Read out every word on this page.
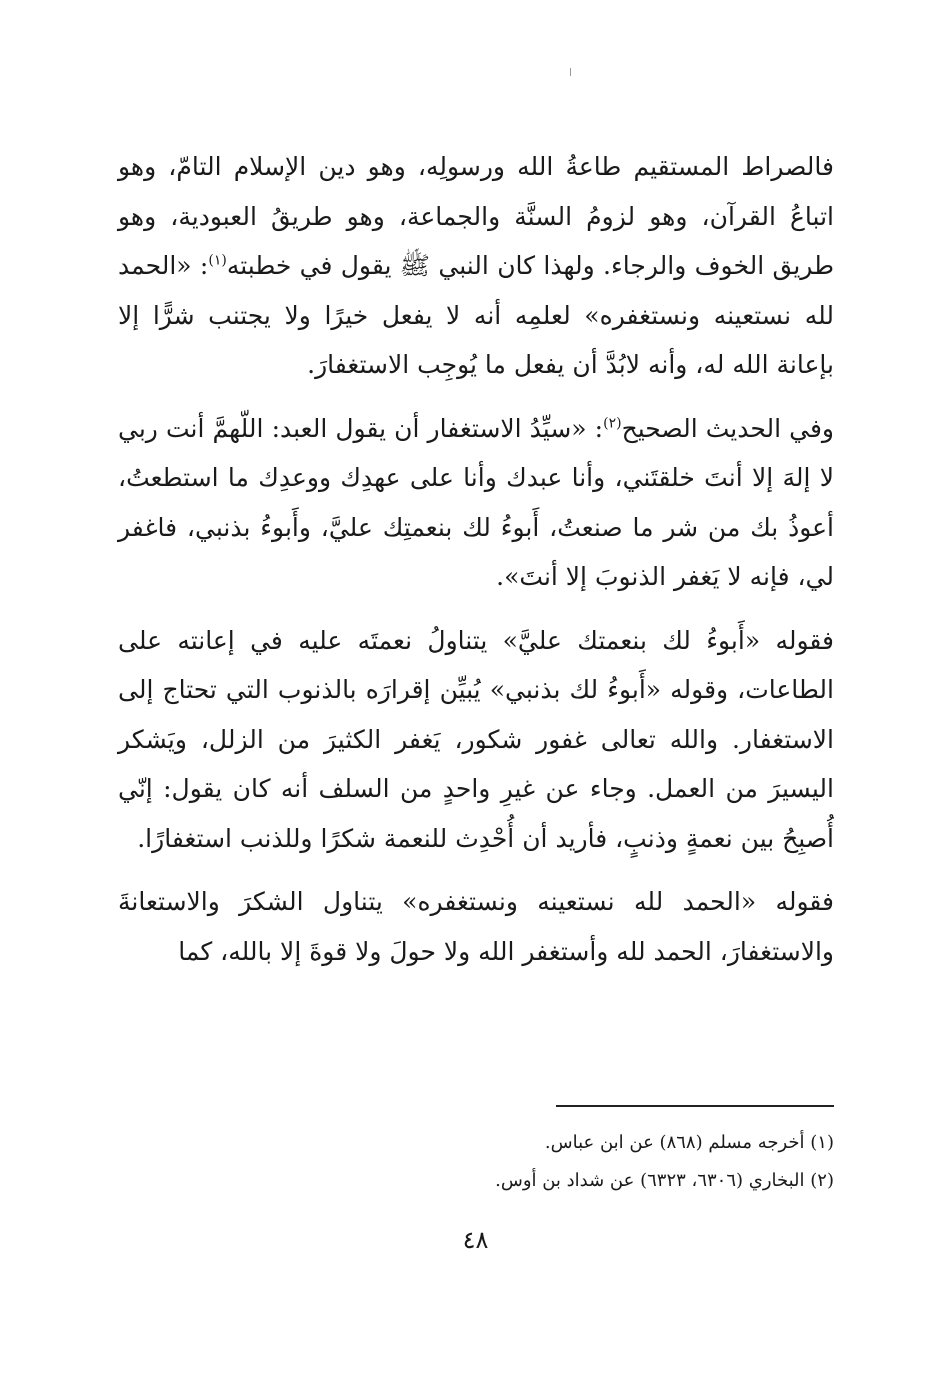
فالصراط المستقيم طاعةُ الله ورسولِه، وهو دين الإسلام التامّ، وهو اتباعُ القرآن، وهو لزومُ السنَّة والجماعة، وهو طريقُ العبودية، وهو طريق الخوف والرجاء. ولهذا كان النبي ﷺ يقول في خطبته$^{(١)}$: «الحمد لله نستعينه ونستغفره» لعلمِه أنه لا يفعل خيرًا ولا يجتنب شرًّا إلا بإعانة الله له، وأنه لابُدَّ أن يفعل ما يُوجِب الاستغفارَ.

وفي الحديث الصحيح$^{(٢)}$: «سيِّدُ الاستغفار أن يقول العبد: اللّهمَّ أنت ربي لا إلهَ إلا أنتَ خلقتَني، وأنا عبدك وأنا على عهدِك ووعدِك ما استطعتُ، أعوذُ بك من شر ما صنعتُ، أَبوءُ لك بنعمتِك عليَّ، وأَبوءُ بذنبي، فاغفر لي، فإنه لا يَغفر الذنوبَ إلا أنتَ».

فقوله «أَبوءُ لك بنعمتك عليَّ» يتناولُ نعمتَه عليه في إعانته على الطاعات، وقوله «أَبوءُ لك بذنبي» يُبيِّن إقرارَه بالذنوب التي تحتاج إلى الاستغفار. والله تعالى غفور شكور، يَغفر الكثيرَ من الزلل، ويَشكر اليسيرَ من العمل. وجاء عن غيرِ واحدٍ من السلف أنه كان يقول: إنّي أُصبِحُ بين نعمةٍ وذنبٍ، فأريد أن أُحْدِث للنعمة شكرًا وللذنب استغفارًا.

فقوله «الحمد لله نستعينه ونستغفره» يتناول الشكرَ والاستعانةَ والاستغفارَ، الحمد لله وأستغفر الله ولا حولَ ولا قوةَ إلا بالله، كما

(١) أخرجه مسلم (٨٦٨) عن ابن عباس.

(٢) البخاري (٦٣٠٦، ٦٣٢٣) عن شداد بن أوس.

٤٨
